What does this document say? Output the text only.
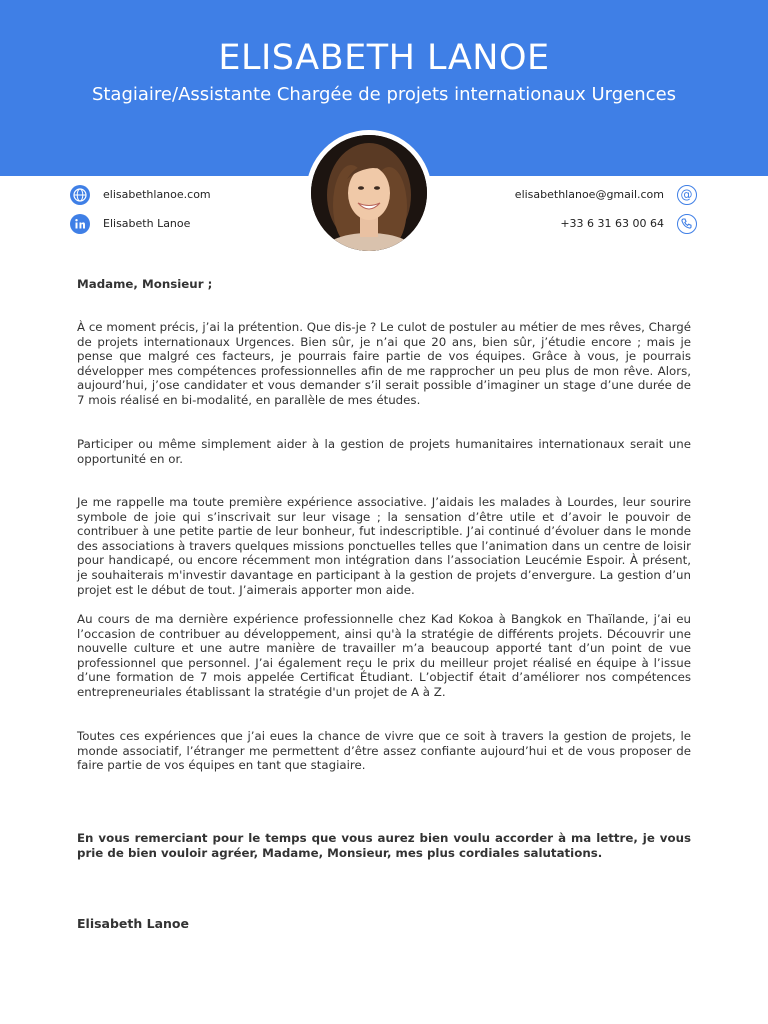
ELISABETH LANOE
Stagiaire/Assistante Chargée de projets internationaux Urgences
elisabethlanoe.com
Elisabeth Lanoe
elisabethlanoe@gmail.com @
+33 6 31 63 00 64
Madame, Monsieur ;
À ce moment précis, j’ai la prétention. Que dis-je ? Le culot de postuler au métier de mes rêves, Chargé de projets internationaux Urgences. Bien sûr, je n’ai que 20 ans, bien sûr, j’étudie encore ; mais je pense que malgré ces facteurs, je pourrais faire partie de vos équipes. Grâce à vous, je pourrais développer mes compétences professionnelles afin de me rapprocher un peu plus de mon rêve. Alors, aujourd’hui, j’ose candidater et vous demander s’il serait possible d’imaginer un stage d’une durée de 7 mois réalisé en bi-modalité, en parallèle de mes études.
Participer ou même simplement aider à la gestion de projets humanitaires internationaux serait une opportunité en or.
Je me rappelle ma toute première expérience associative. J’aidais les malades à Lourdes, leur sourire symbole de joie qui s’inscrivait sur leur visage ; la sensation d’être utile et d’avoir le pouvoir de contribuer à une petite partie de leur bonheur, fut indescriptible. J’ai continué d’évoluer dans le monde des associations à travers quelques missions ponctuelles telles que l’animation dans un centre de loisir pour handicapé, ou encore récemment mon intégration dans l’association Leucémie Espoir. À présent, je souhaiterais m'investir davantage en participant à la gestion de projets d’envergure. La gestion d’un projet est le début de tout. J’aimerais apporter mon aide.
Au cours de ma dernière expérience professionnelle chez Kad Kokoa à Bangkok en Thaïlande, j’ai eu l’occasion de contribuer au développement, ainsi qu'à la stratégie de différents projets. Découvrir une nouvelle culture et une autre manière de travailler m’a beaucoup apporté tant d’un point de vue professionnel que personnel. J’ai également reçu le prix du meilleur projet réalisé en équipe à l’issue d’une formation de 7 mois appelée Certificat Étudiant. L’objectif était d’améliorer nos compétences entrepreneuriales établissant la stratégie d'un projet de A à Z.
Toutes ces expériences que j’ai eues la chance de vivre que ce soit à travers la gestion de projets, le monde associatif, l’étranger me permettent d’être assez confiante aujourd’hui et de vous proposer de faire partie de vos équipes en tant que stagiaire.
En vous remerciant pour le temps que vous aurez bien voulu accorder à ma lettre, je vous prie de bien vouloir agréer, Madame, Monsieur, mes plus cordiales salutations.
Elisabeth Lanoe
